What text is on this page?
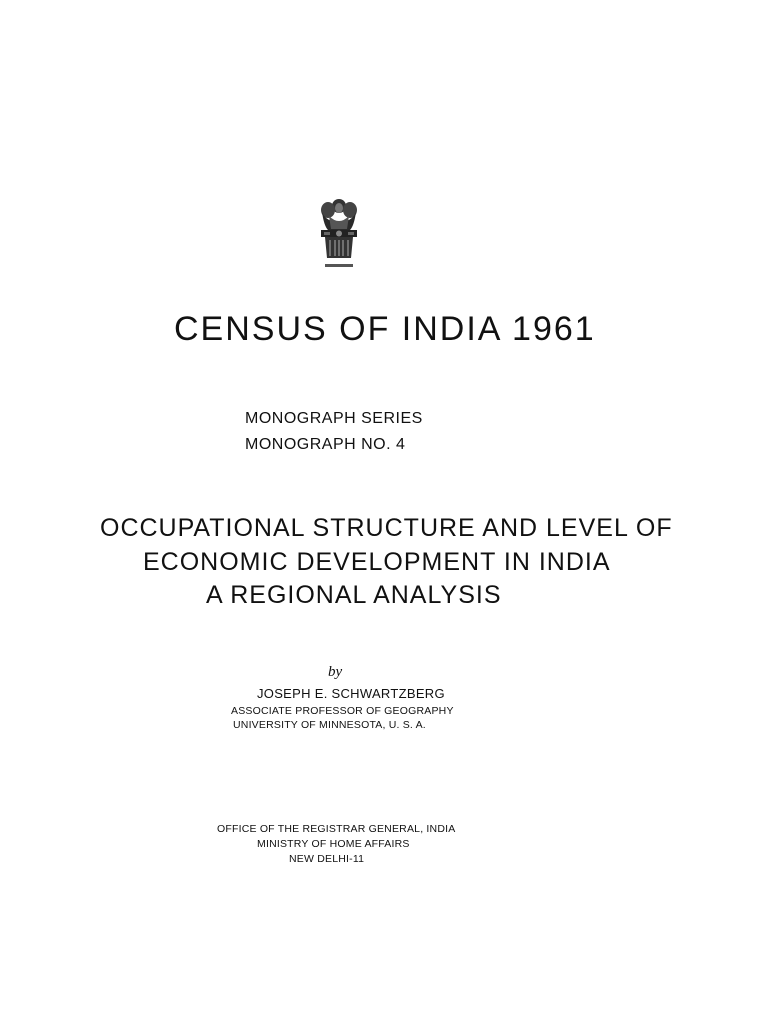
CENSUS OF INDIA 1961

MONOGRAPH SERIES

MONOGRAPH NO. 4

OCCUPATIONAL STRUCTURE AND LEVEL OF

ECONOMIC DEVELOPMENT IN INDIA

A REGIONAL ANALYSIS

by

JOSEPH E. SCHWARTZBERG

ASSOCIATE PROFESSOR OF GEOGRAPHY

UNIVERSITY OF MINNESOTA, U. S. A.

OFFICE OF THE REGISTRAR GENERAL, INDIA

MINISTRY OF HOME AFFAIRS

NEW DELHI-11
